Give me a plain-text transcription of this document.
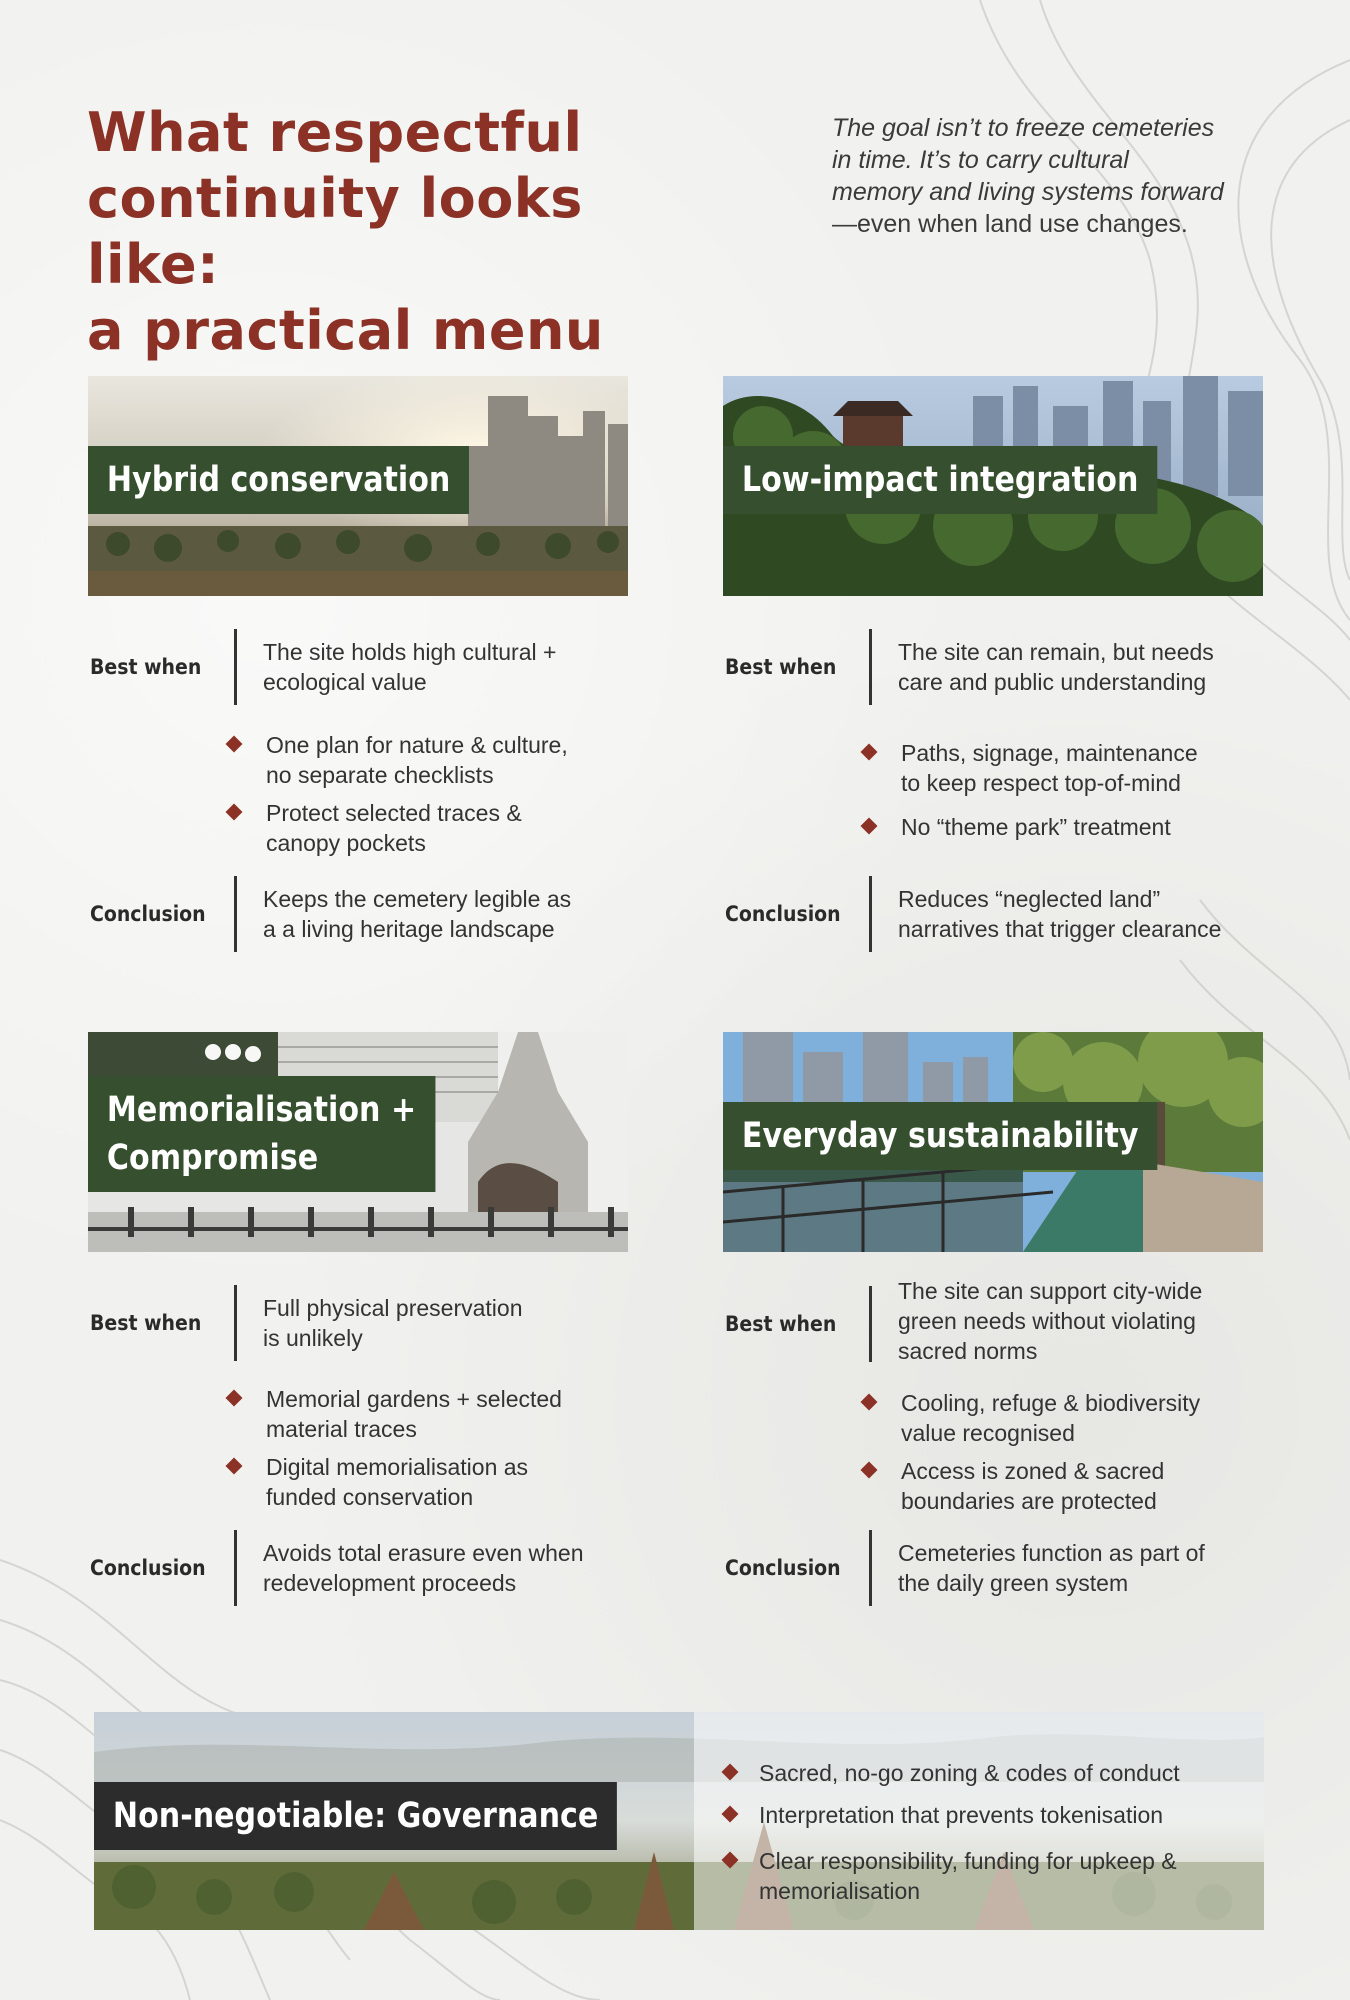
What respectful
continuity looks like:
a practical menu

The goal isn’t to freeze cemeteries
in time. It’s to carry cultural
memory and living systems forward
—even when land use changes.

Hybrid conservation
Best when
The site holds high cultural +
ecological value
One plan for nature & culture,
no separate checklists
Protect selected traces &
canopy pockets
Conclusion
Keeps the cemetery legible as
a a living heritage landscape
Low-impact integration
Best when
The site can remain, but needs
care and public understanding
Paths, signage, maintenance
to keep respect top-of-mind
No “theme park” treatment
Conclusion
Reduces “neglected land”
narratives that trigger clearance
Memorialisation +
Compromise
Best when
Full physical preservation
is unlikely
Memorial gardens + selected
material traces
Digital memorialisation as
funded conservation
Conclusion
Avoids total erasure even when
redevelopment proceeds
Everyday sustainability
Best when
The site can support city-wide
green needs without violating
sacred norms
Cooling, refuge & biodiversity
value recognised
Access is zoned & sacred
boundaries are protected
Conclusion
Cemeteries function as part of
the daily green system
Non-negotiable: Governance
Sacred, no-go zoning & codes of conduct
Interpretation that prevents tokenisation
Clear responsibility, funding for upkeep &
memorialisation
